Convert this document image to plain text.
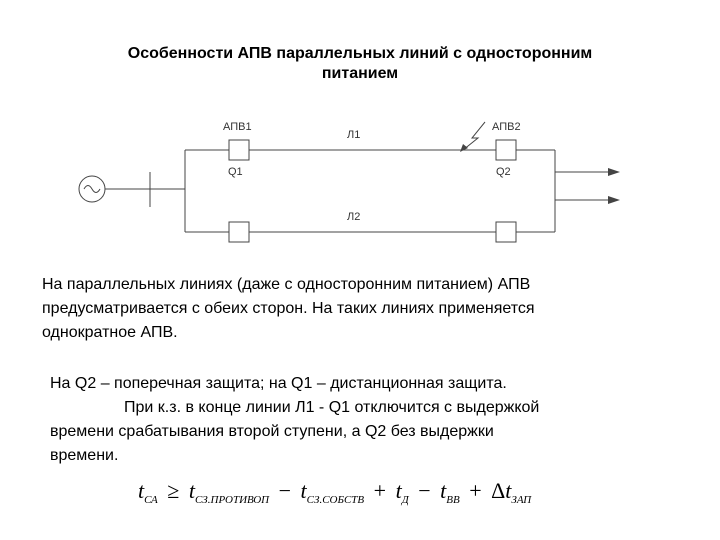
Особенности АПВ параллельных линий с односторонним
питанием
АПВ1	АПВ2
Л1
Л2
Q1	Q2
На параллельных линиях (даже с односторонним питанием) АПВ
предусматривается с обеих сторон. На таких линиях применяется
однократное АПВ.
На Q2 – поперечная защита; на Q1 – дистанционная защита.
При к.з. в конце линии Л1 - Q1 отключится с выдержкой
времени срабатывания второй ступени, а Q2 без выдержки
времени.
$t_{СА} \ge t_{СЗ.ПРОТИВОП} - t_{СЗ.СОБСТВ} + t_Д - t_{ВВ} + \Delta t_{ЗАП}$
